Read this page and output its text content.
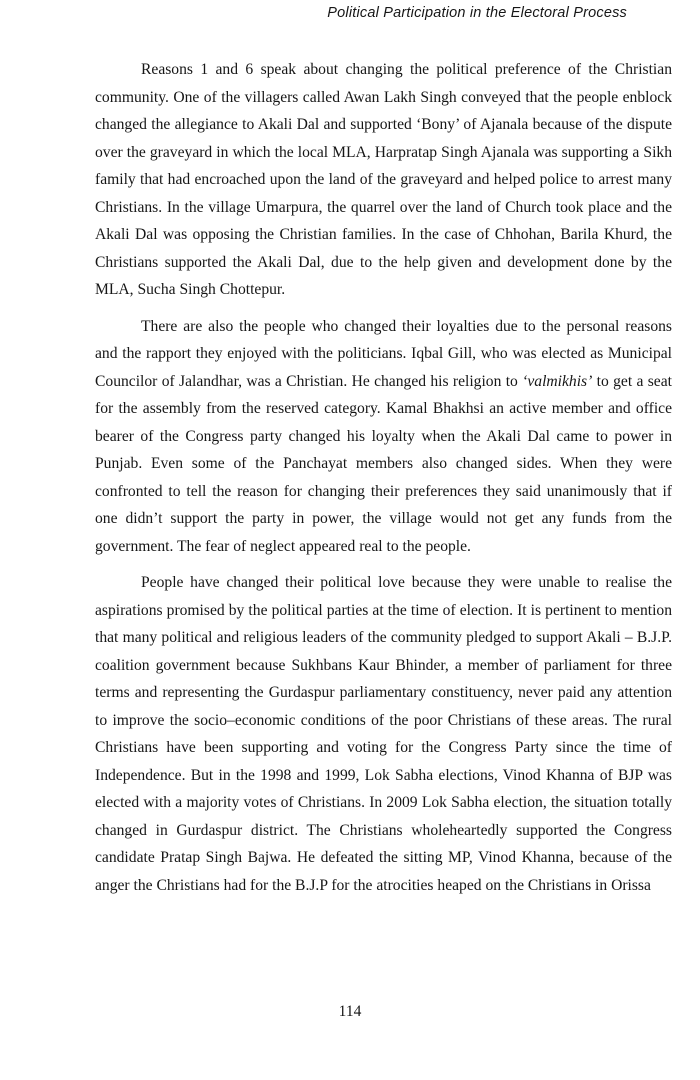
Political Participation in the Electoral Process

Reasons 1 and 6 speak about changing the political preference of the Christian community. One of the villagers called Awan Lakh Singh conveyed that the people enblock changed the allegiance to Akali Dal and supported ‘Bony’ of Ajanala because of the dispute over the graveyard in which the local MLA, Harpratap Singh Ajanala was supporting a Sikh family that had encroached upon the land of the graveyard and helped police to arrest many Christians. In the village Umarpura, the quarrel over the land of Church took place and the Akali Dal was opposing the Christian families. In the case of Chhohan, Barila Khurd, the Christians supported the Akali Dal, due to the help given and development done by the MLA, Sucha Singh Chottepur.

There are also the people who changed their loyalties due to the personal reasons and the rapport they enjoyed with the politicians. Iqbal Gill, who was elected as Municipal Councilor of Jalandhar, was a Christian. He changed his religion to ‘valmikhis’ to get a seat for the assembly from the reserved category. Kamal Bhakhsi an active member and office bearer of the Congress party changed his loyalty when the Akali Dal came to power in Punjab. Even some of the Panchayat members also changed sides. When they were confronted to tell the reason for changing their preferences they said unanimously that if one didn’t support the party in power, the village would not get any funds from the government. The fear of neglect appeared real to the people.

People have changed their political love because they were unable to realise the aspirations promised by the political parties at the time of election. It is pertinent to mention that many political and religious leaders of the community pledged to support Akali – B.J.P. coalition government because Sukhbans Kaur Bhinder, a member of parliament for three terms and representing the Gurdaspur parliamentary constituency, never paid any attention to improve the socio–economic conditions of the poor Christians of these areas. The rural Christians have been supporting and voting for the Congress Party since the time of Independence. But in the 1998 and 1999, Lok Sabha elections, Vinod Khanna of BJP was elected with a majority votes of Christians. In 2009 Lok Sabha election, the situation totally changed in Gurdaspur district. The Christians wholeheartedly supported the Congress candidate Pratap Singh Bajwa. He defeated the sitting MP, Vinod Khanna, because of the anger the Christians had for the B.J.P for the atrocities heaped on the Christians in Orissa

114
